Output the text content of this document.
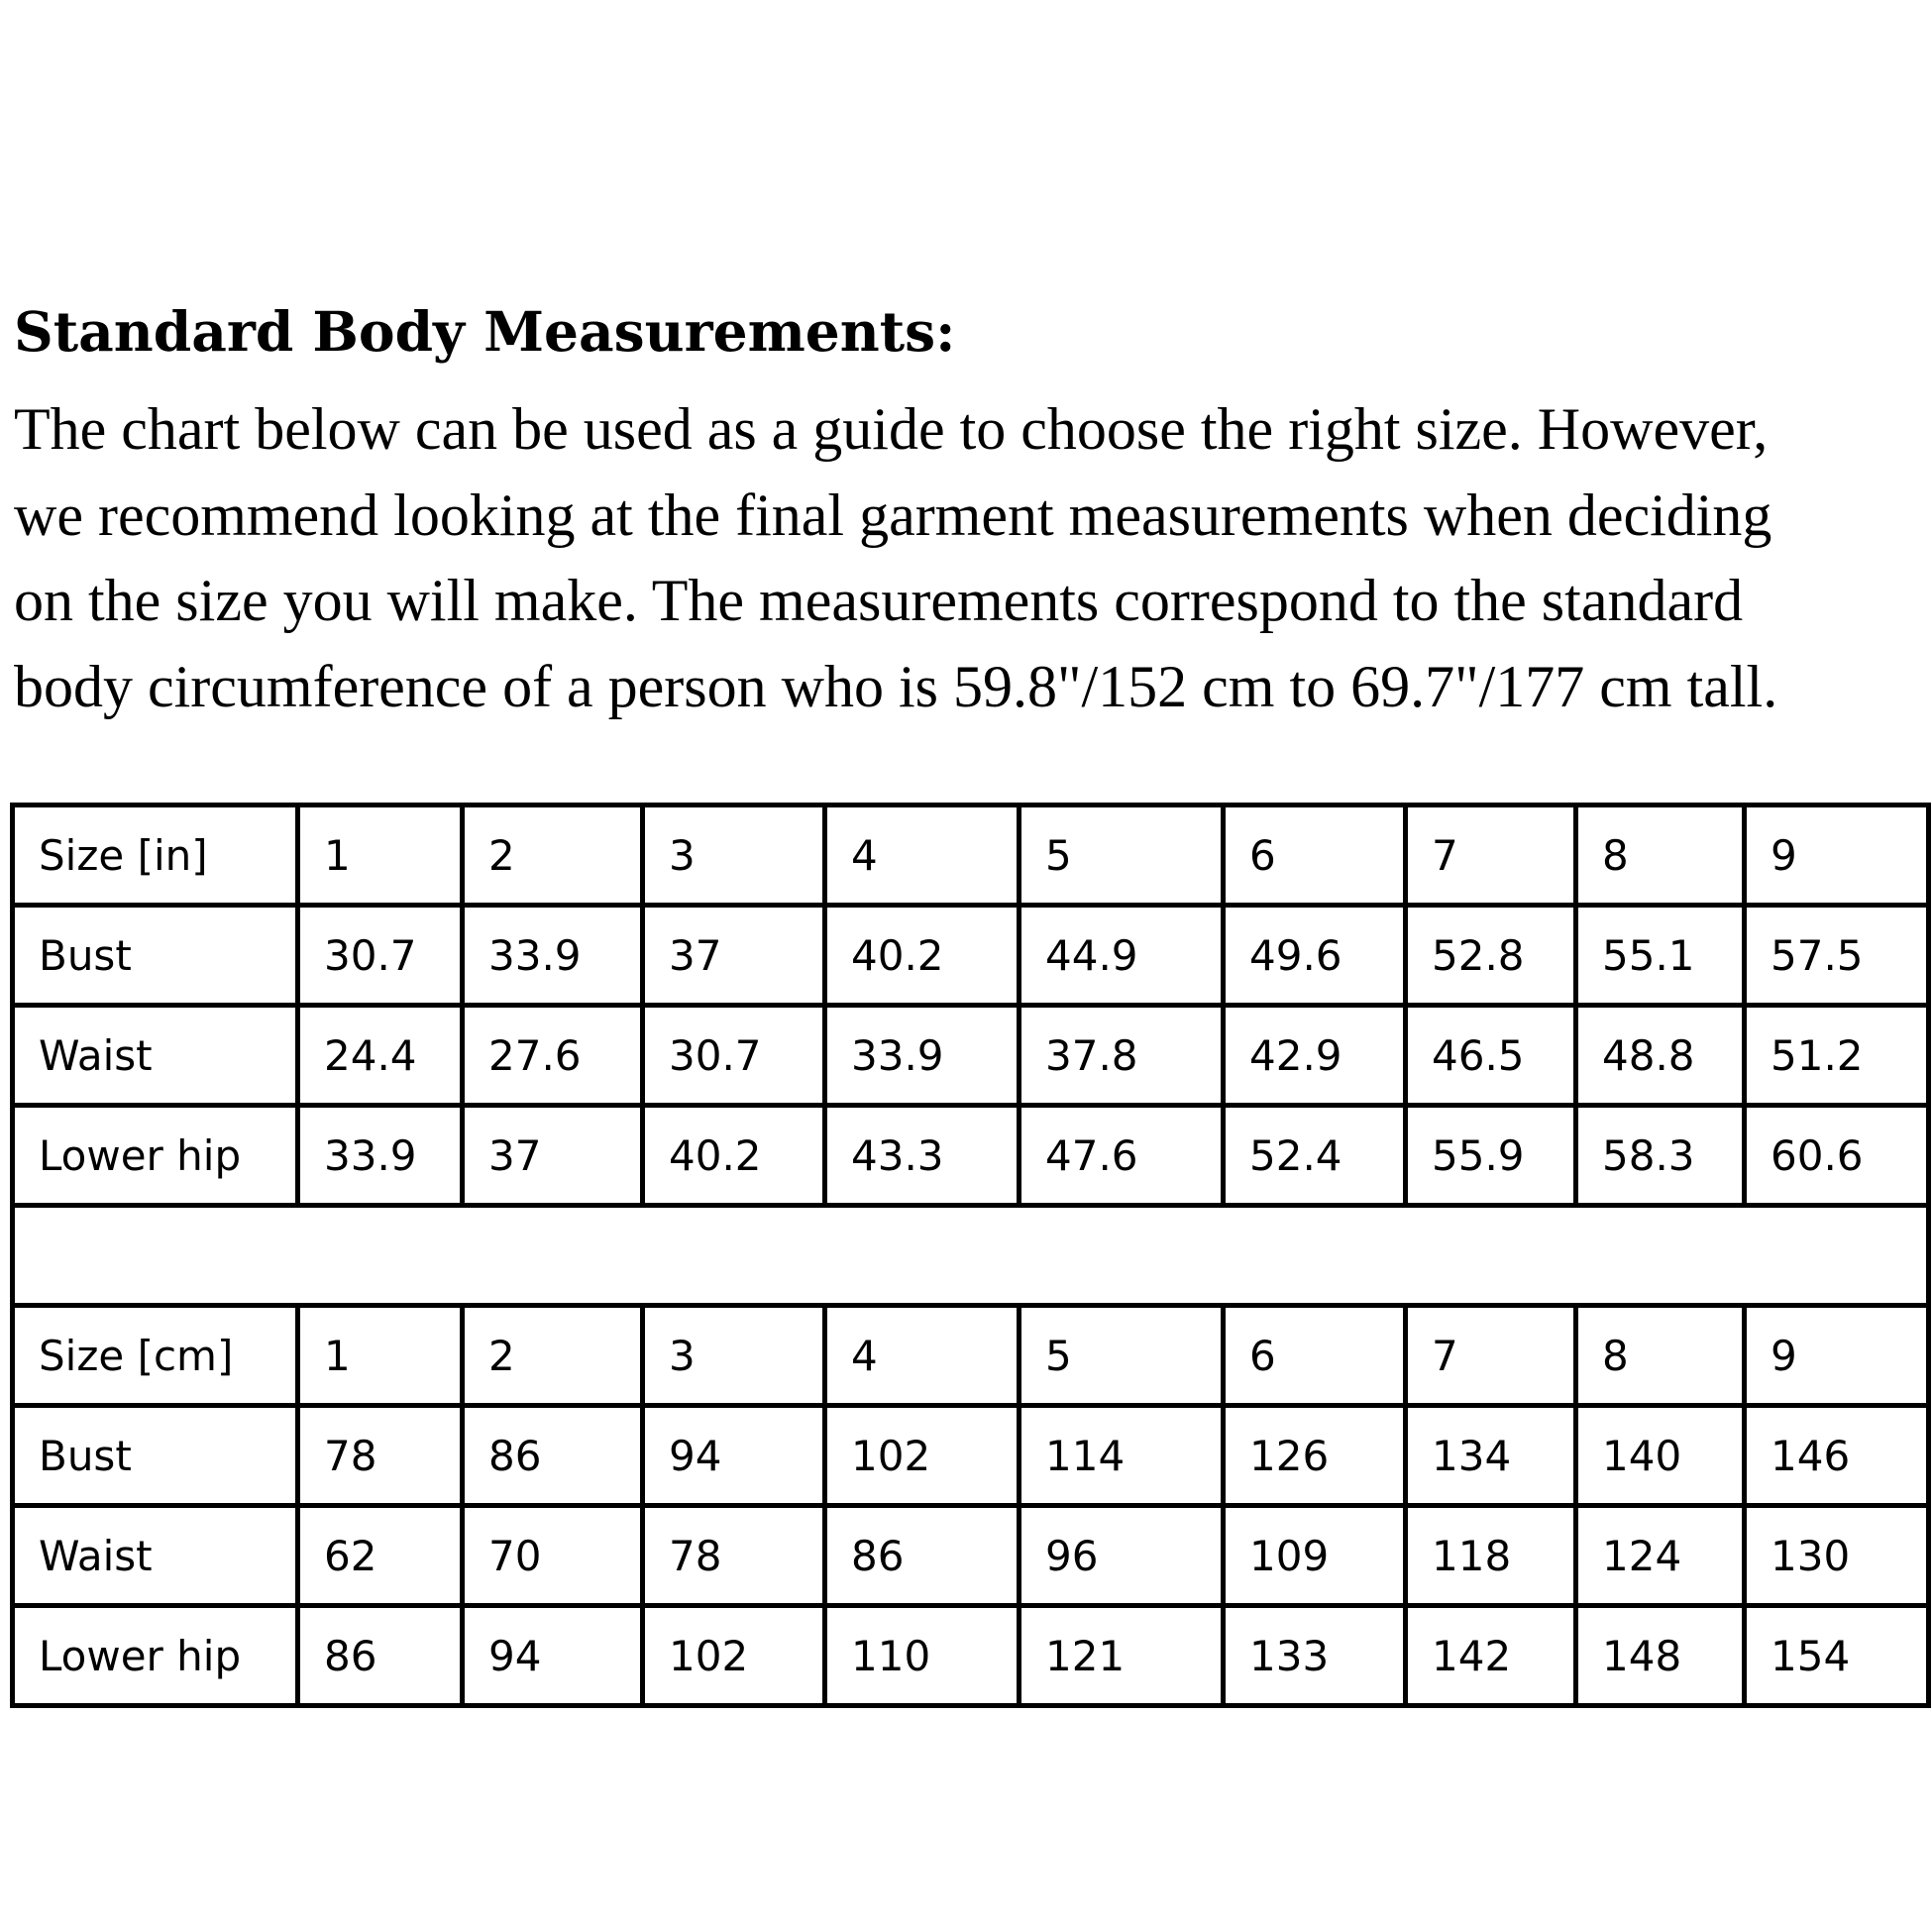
Standard Body Measurements:
The chart below can be used as a guide to choose the right size. However,
we recommend looking at the final garment measurements when deciding
on the size you will make. The measurements correspond to the standard
body circumference of a person who is 59.8"/152 cm to 69.7"/177 cm tall.
Size [in]	1	2	3	4	5	6	7	8	9
Bust	30.7	33.9	37	40.2	44.9	49.6	52.8	55.1	57.5
Waist	24.4	27.6	30.7	33.9	37.8	42.9	46.5	48.8	51.2
Lower hip	33.9	37	40.2	43.3	47.6	52.4	55.9	58.3	60.6

Size [cm]	1	2	3	4	5	6	7	8	9
Bust	78	86	94	102	114	126	134	140	146
Waist	62	70	78	86	96	109	118	124	130
Lower hip	86	94	102	110	121	133	142	148	154
